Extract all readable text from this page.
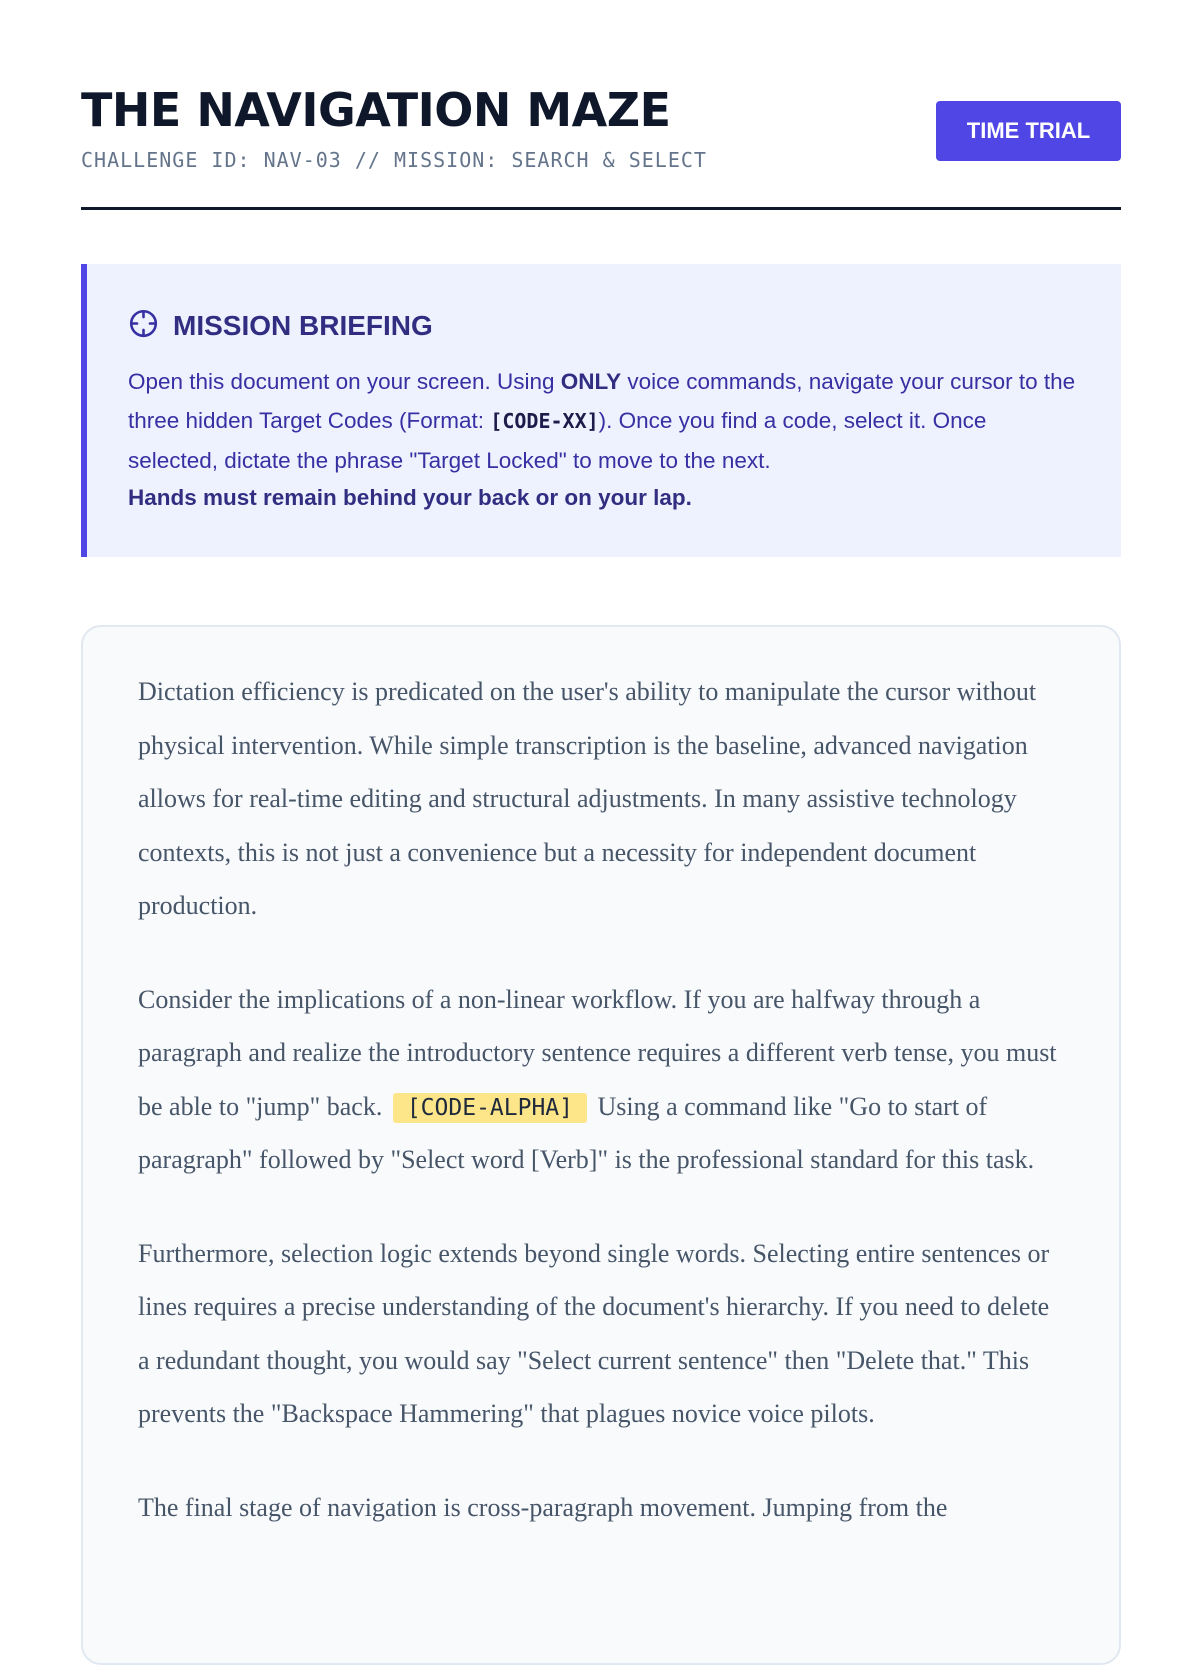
THE NAVIGATION MAZE
CHALLENGE ID: NAV-03 // MISSION: SEARCH & SELECT
TIME TRIAL
MISSION BRIEFING
Open this document on your screen. Using ONLY voice commands, navigate your cursor to the three hidden Target Codes (Format: [CODE-XX]). Once you find a code, select it. Once selected, dictate the phrase "Target Locked" to move to the next.
Hands must remain behind your back or on your lap.

Dictation efficiency is predicated on the user's ability to manipulate the cursor without physical intervention. While simple transcription is the baseline, advanced navigation allows for real-time editing and structural adjustments. In many assistive technology contexts, this is not just a convenience but a necessity for independent document production.

Consider the implications of a non-linear workflow. If you are halfway through a paragraph and realize the introductory sentence requires a different verb tense, you must be able to "jump" back. [CODE-ALPHA] Using a command like "Go to start of paragraph" followed by "Select word [Verb]" is the professional standard for this task.

Furthermore, selection logic extends beyond single words. Selecting entire sentences or lines requires a precise understanding of the document's hierarchy. If you need to delete a redundant thought, you would say "Select current sentence" then "Delete that." This prevents the "Backspace Hammering" that plagues novice voice pilots.

The final stage of navigation is cross-paragraph movement. Jumping from the
